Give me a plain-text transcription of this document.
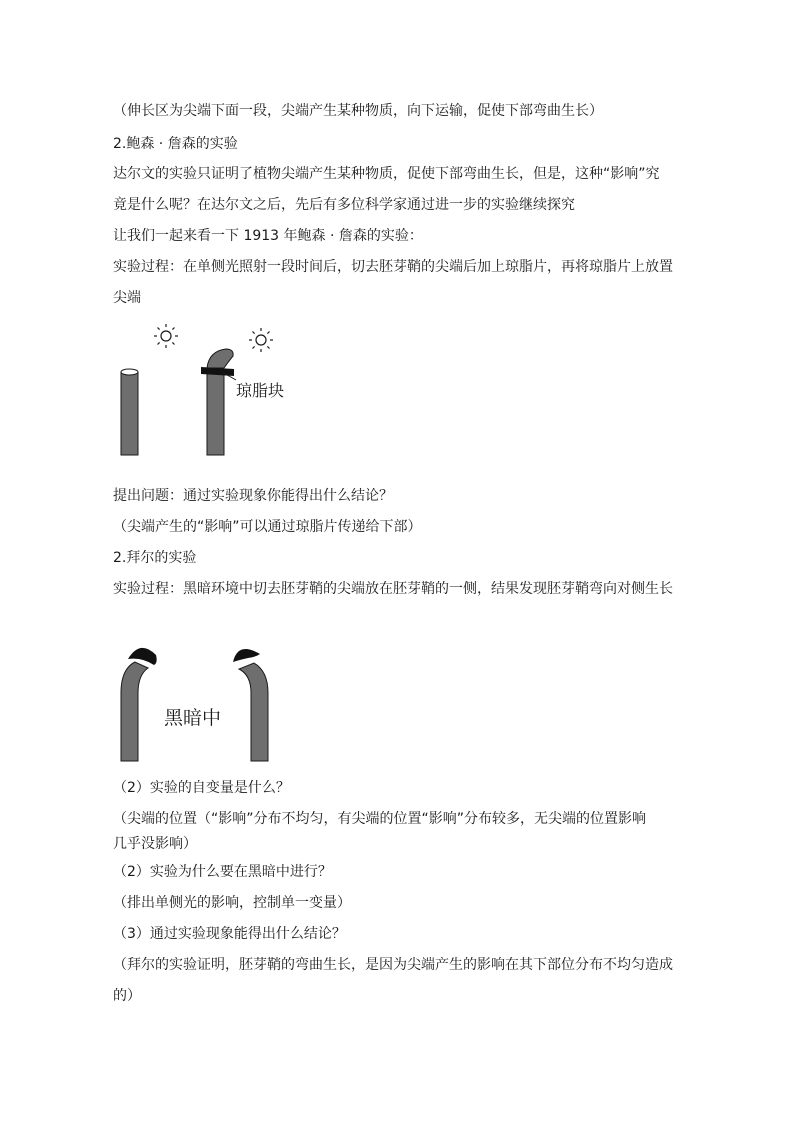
（伸长区为尖端下面一段，尖端产生某种物质，向下运输，促使下部弯曲生长）
2.鲍森 · 詹森的实验
达尔文的实验只证明了植物尖端产生某种物质，促使下部弯曲生长，但是，这种“影响”究
竟是什么呢？在达尔文之后，先后有多位科学家通过进一步的实验继续探究
让我们一起来看一下 1913 年鲍森 · 詹森的实验：
实验过程：在单侧光照射一段时间后，切去胚芽鞘的尖端后加上琼脂片，再将琼脂片上放置
尖端
琼脂块
提出问题：通过实验现象你能得出什么结论？
（尖端产生的“影响”可以通过琼脂片传递给下部）
2.拜尔的实验
实验过程：黑暗环境中切去胚芽鞘的尖端放在胚芽鞘的一侧，结果发现胚芽鞘弯向对侧生长
黑暗中
（2）实验的自变量是什么？
（尖端的位置（“影响”分布不均匀，有尖端的位置“影响”分布较多，无尖端的位置影响
几乎没影响）
（2）实验为什么要在黑暗中进行？
（排出单侧光的影响，控制单一变量）
（3）通过实验现象能得出什么结论？
（拜尔的实验证明，胚芽鞘的弯曲生长，是因为尖端产生的影响在其下部位分布不均匀造成
的）
